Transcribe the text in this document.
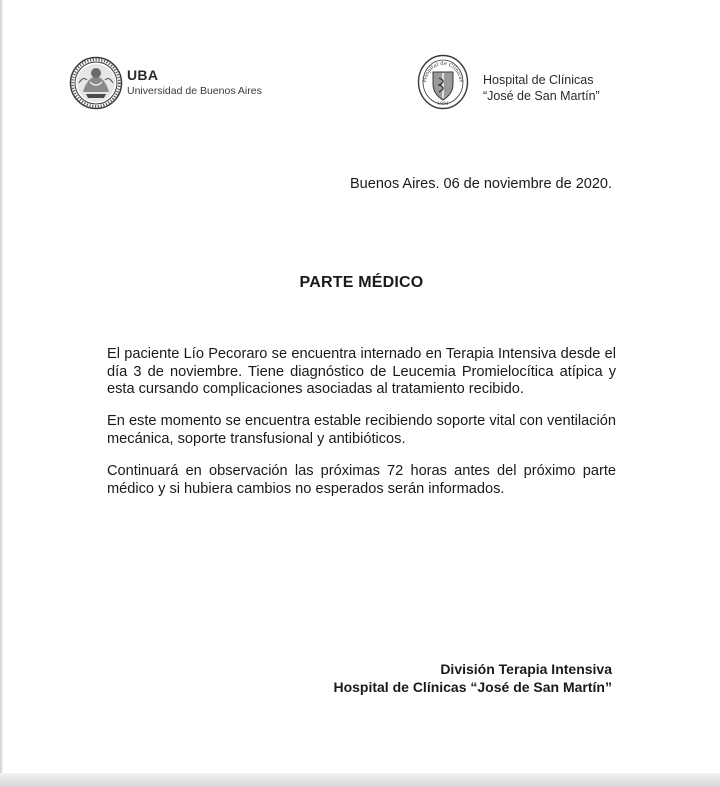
UBA
Universidad de Buenos Aires
Hospital de Clínicas
1881
Hospital de Clínicas
“José de San Martín”
Buenos Aires. 06 de noviembre de 2020.
PARTE MÉDICO

El paciente Lío Pecoraro se encuentra internado en Terapia Intensiva desde el día 3 de noviembre. Tiene diagnóstico de Leucemia Promielocítica atípica y esta cursando complicaciones asociadas al tratamiento recibido.

En este momento se encuentra estable recibiendo soporte vital con ventilación mecánica, soporte transfusional y antibióticos.

Continuará en observación las próximas 72 horas antes del próximo parte médico y si hubiera cambios no esperados serán informados.

División Terapia Intensiva
Hospital de Clínicas “José de San Martín”
